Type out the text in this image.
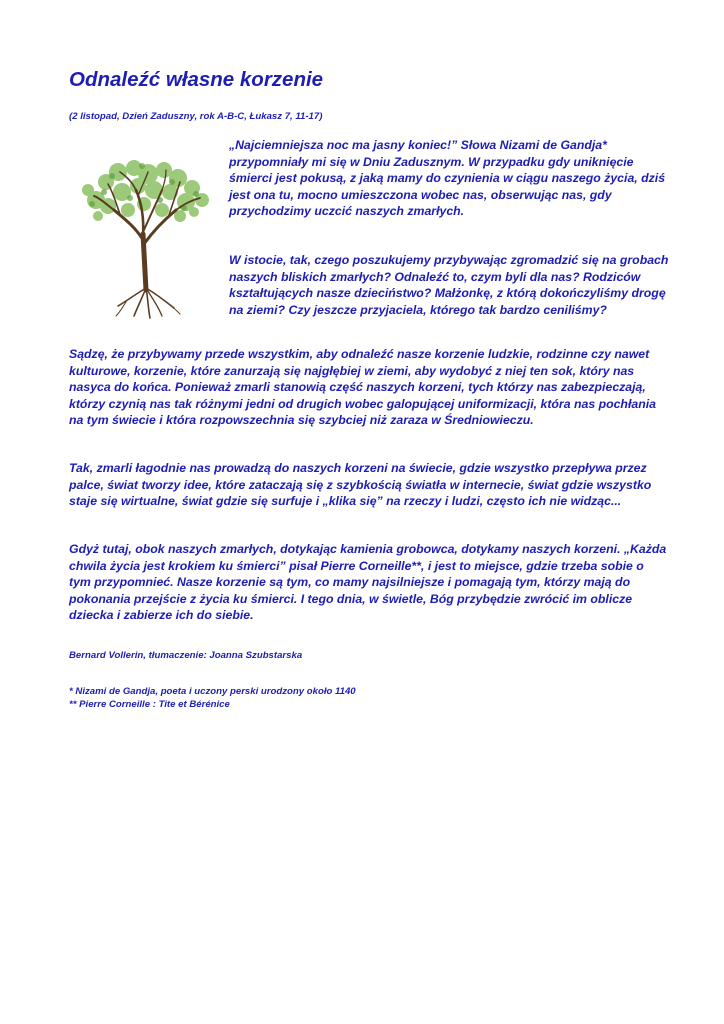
Odnaleźć własne korzenie
(2 listopad, Dzień Zaduszny, rok A-B-C, Łukasz 7, 11-17)

„Najciemniejsza noc ma jasny koniec!” Słowa Nizami de Gandja* przypomniały mi się w Dniu Zadusznym. W przypadku gdy uniknięcie śmierci jest pokusą, z jaką mamy do czynienia w ciągu naszego życia, dziś jest ona tu, mocno umieszczona wobec nas, obserwując nas, gdy przychodzimy uczcić naszych zmarłych.

W istocie, tak, czego poszukujemy przybywając zgromadzić się na grobach naszych bliskich zmarłych? Odnaleźć to, czym byli dla nas? Rodziców kształtujących nasze dzieciństwo? Małżonkę, z którą dokończyliśmy drogę na ziemi? Czy jeszcze przyjaciela, którego tak bardzo ceniliśmy?

Sądzę, że przybywamy przede wszystkim, aby odnaleźć nasze korzenie ludzkie, rodzinne czy nawet kulturowe, korzenie, które zanurzają się najgłębiej w ziemi, aby wydobyć z niej ten sok, który nas nasyca do końca. Ponieważ zmarli stanowią część naszych korzeni, tych którzy nas zabezpieczają, którzy czynią nas tak różnymi jedni od drugich wobec galopującej uniformizacji, która nas pochłania na tym świecie i która rozpowszechnia się szybciej niż zaraza w Średniowieczu.

Tak, zmarli łagodnie nas prowadzą do naszych korzeni na świecie, gdzie wszystko przepływa przez palce, świat tworzy idee, które zataczają się z szybkością światła w internecie, świat gdzie wszystko staje się wirtualne, świat gdzie się surfuje i „klika się” na rzeczy i ludzi, często ich nie widząc...

Gdyż tutaj, obok naszych zmarłych, dotykając kamienia grobowca, dotykamy naszych korzeni. „Każda chwila życia jest krokiem ku śmierci” pisał Pierre Corneille**, i jest to miejsce, gdzie trzeba sobie o tym przypomnieć. Nasze korzenie są tym, co mamy najsilniejsze i pomagają tym, którzy mają do pokonania przejście z życia ku śmierci. I tego dnia, w świetle, Bóg przybędzie zwrócić im oblicze dziecka i zabierze ich do siebie.

Bernard Vollerin, tłumaczenie: Joanna Szubstarska
* Nizami de Gandja, poeta i uczony perski urodzony około 1140
** Pierre Corneille : Tite et Bérénice
